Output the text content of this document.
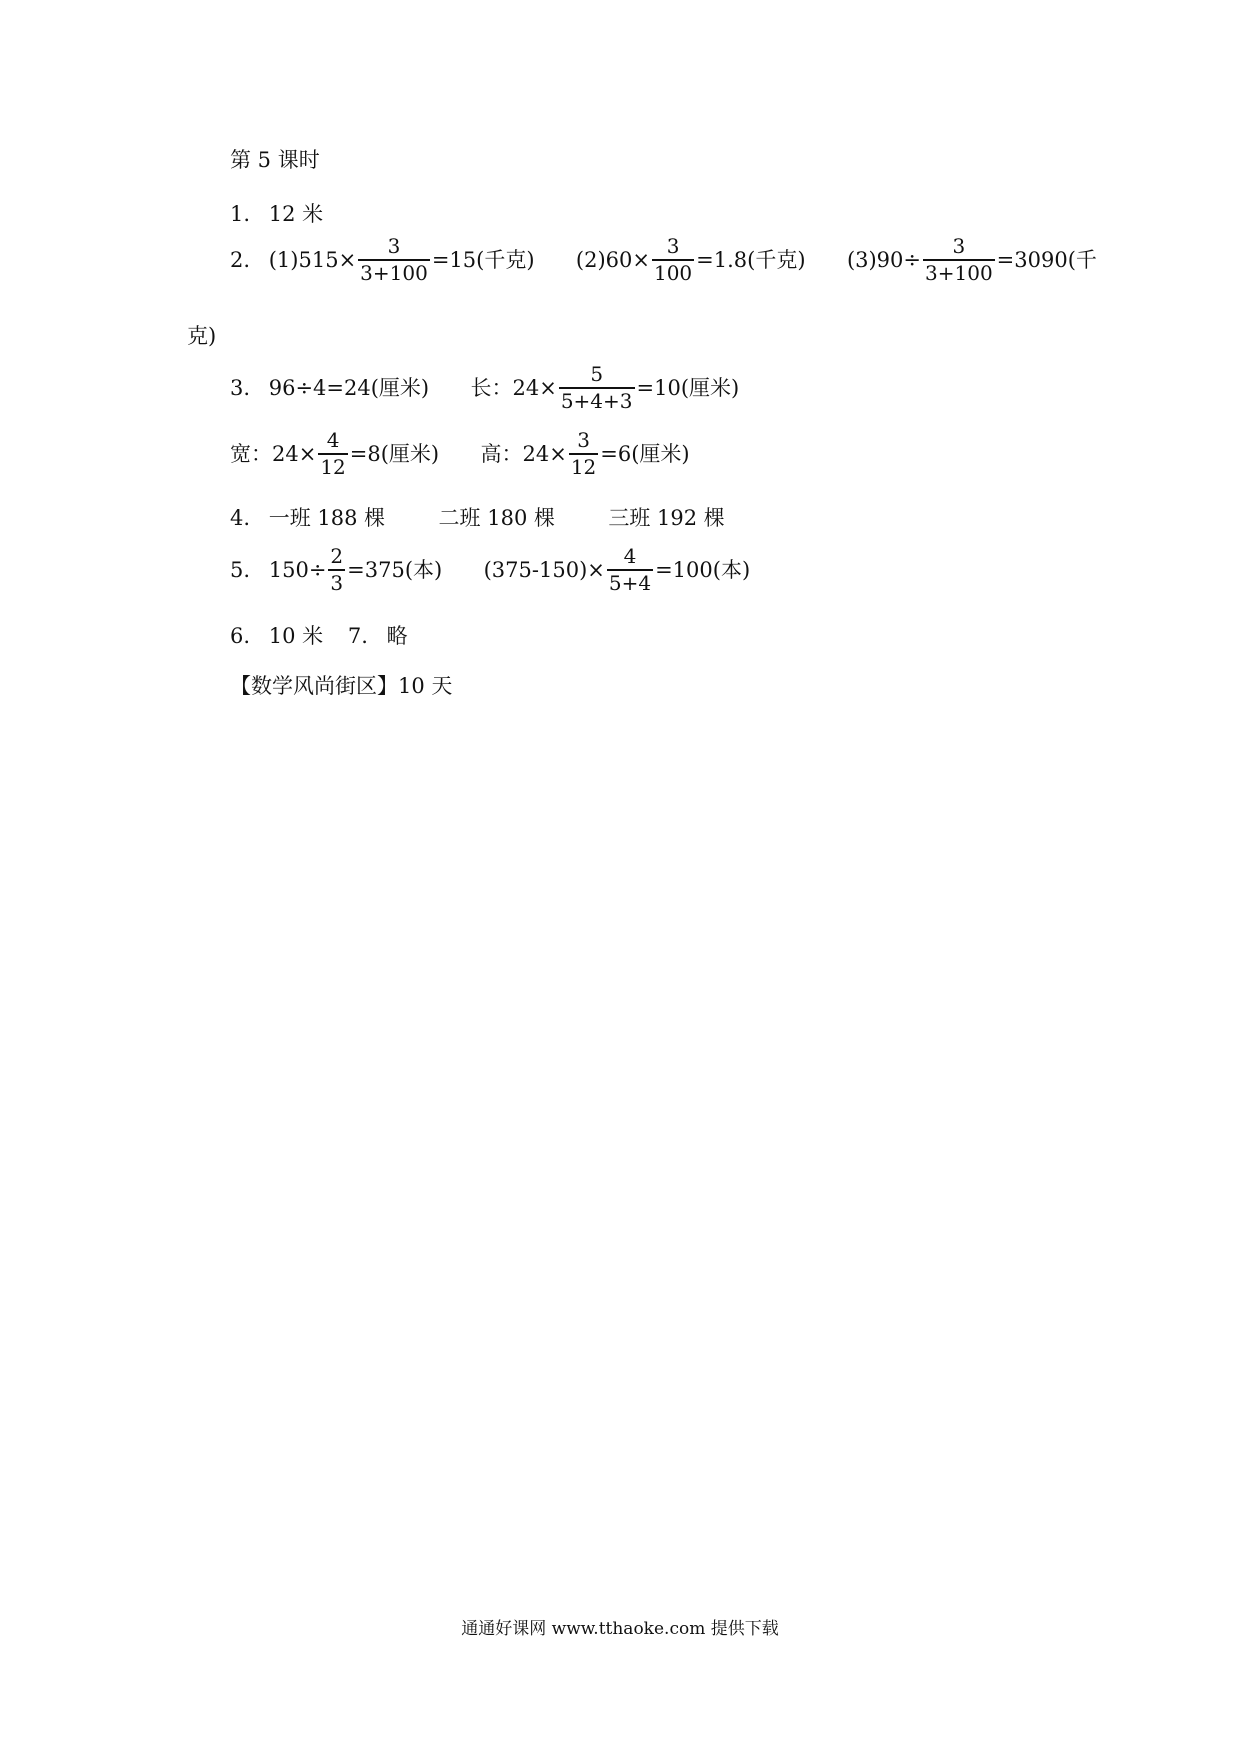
第 5 课时
1. 12 米
2. $(1)515\times \frac{3}{3+100} =15$(千克) $(2)60\times \frac{3}{100} =1.8$(千克) $(3)90\div \frac{3}{3+100} =3090$(千
克)
3. 96÷4=24(厘米) 长：$24\times \frac{5}{5+4+3} =10$(厘米)
宽：$24\times \frac{4}{12} =8$(厘米) 高：$24\times \frac{3}{12} =6$(厘米)
4. 一班 188 棵	二班 180 棵	三班 192 棵
5. $150\div \frac{2}{3} =375$(本) $(375-150)\times \frac{4}{5+4} =100$(本)
6. 10 米 7. 略
【数学风尚街区】10 天
通通好课网 www.tthaoke.com 提供下载
